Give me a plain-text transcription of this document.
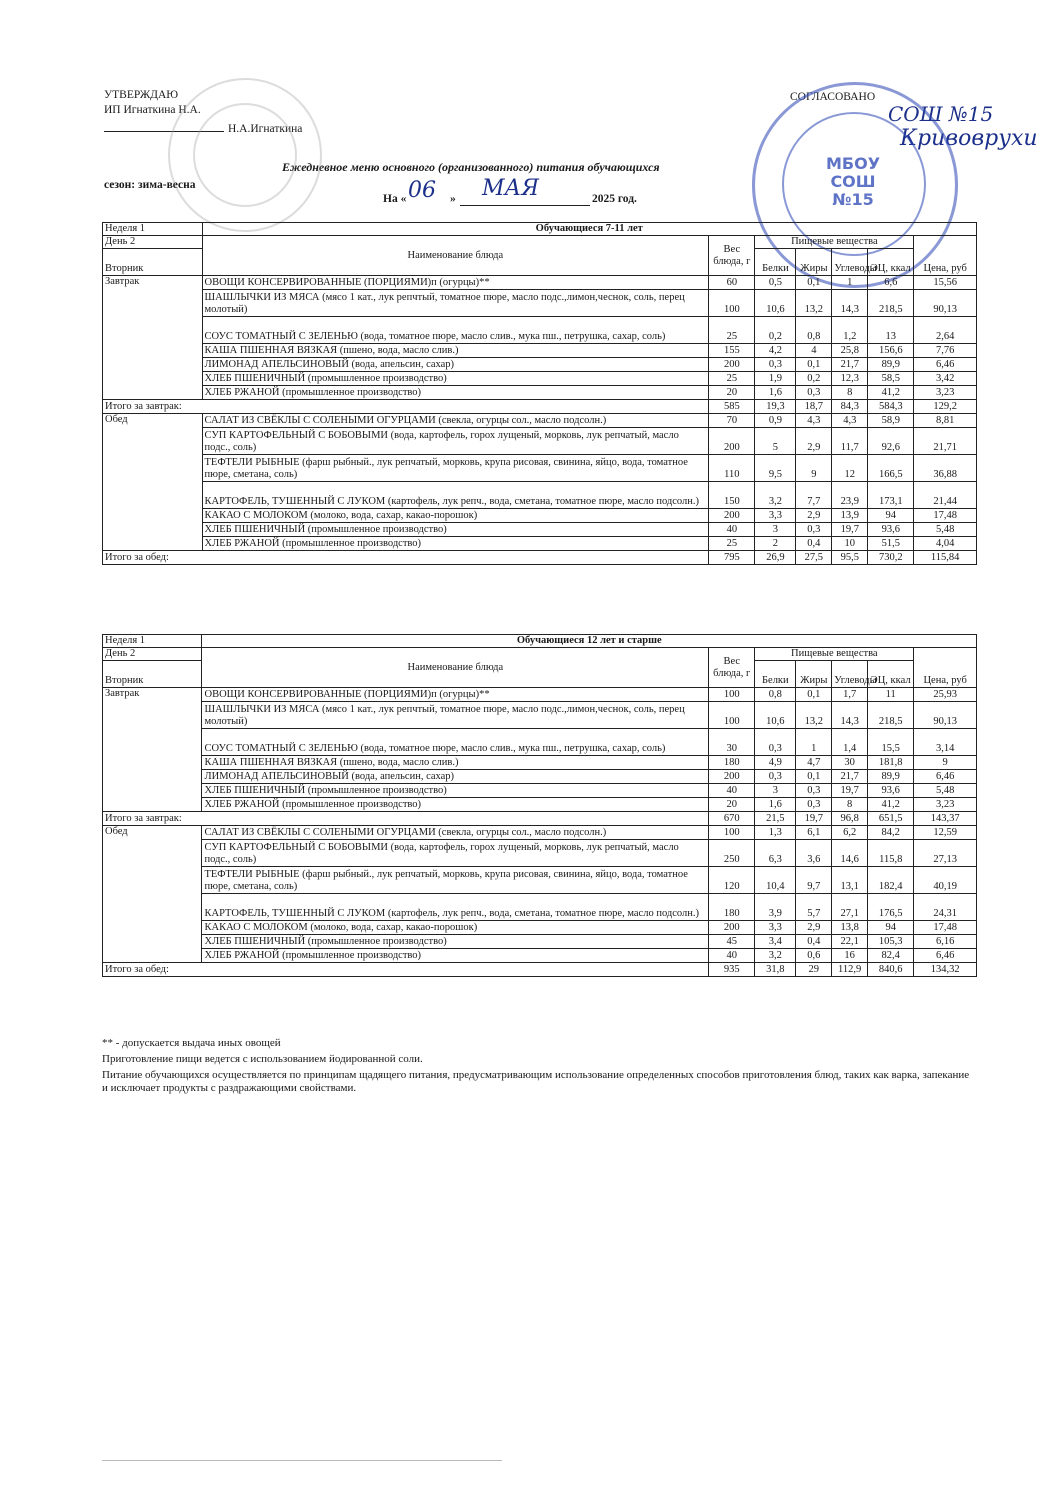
УТВЕРЖДАЮ
ИП Игнаткина Н.А.
Н.А.Игнаткина
СОГЛАСОВАНО
Ежедневное меню основного (организованного) питания обучающихся
сезон: зима-весна
На « 06 » МАЯ	2025 год.
СОШ №15
Кривоврухи
МБОУ СОШ №15
Неделя 1	Обучающиеся 7-11 лет						
День 2	Наименование блюда	Вес блюда, г	Пищевые вещества				Цена, руб
Вторник			Белки	Жиры	Углеводы	ЭЦ, ккал	
Завтрак	ОВОЩИ КОНСЕРВИРОВАННЫЕ (ПОРЦИЯМИ)п (огурцы)**	60	0,5	0,1	1	6,6	15,56
	ШАШЛЫЧКИ ИЗ МЯСА (мясо 1 кат., лук репчтый, томатное пюре, масло подс.,лимон,чеснок, соль, перец молотый)	100	10,6	13,2	14,3	218,5	90,13
	СОУС ТОМАТНЫЙ С ЗЕЛЕНЬЮ (вода, томатное пюре, масло слив., мука пш., петрушка, сахар, соль)	25	0,2	0,8	1,2	13	2,64
	КАША ПШЕННАЯ ВЯЗКАЯ (пшено, вода, масло слив.)	155	4,2	4	25,8	156,6	7,76
	ЛИМОНАД АПЕЛЬСИНОВЫЙ (вода, апельсин, сахар)	200	0,3	0,1	21,7	89,9	6,46
	ХЛЕБ ПШЕНИЧНЫЙ (промышленное производство)	25	1,9	0,2	12,3	58,5	3,42
	ХЛЕБ РЖАНОЙ (промышленное производство)	20	1,6	0,3	8	41,2	3,23
Итого за завтрак:		585	19,3	18,7	84,3	584,3	129,2
Обед	САЛАТ ИЗ СВЁКЛЫ С СОЛЕНЫМИ ОГУРЦАМИ (свекла, огурцы сол., масло подсолн.)	70	0,9	4,3	4,3	58,9	8,81
	СУП КАРТОФЕЛЬНЫЙ С БОБОВЫМИ (вода, картофель, горох лущеный, морковь, лук репчатый, масло подс., соль)	200	5	2,9	11,7	92,6	21,71
	ТЕФТЕЛИ РЫБНЫЕ (фарш рыбный., лук репчатый, морковь, крупа рисовая, свинина, яйцо, вода, томатное пюре, сметана, соль)	110	9,5	9	12	166,5	36,88
	КАРТОФЕЛЬ, ТУШЕННЫЙ С ЛУКОМ (картофель, лук репч., вода, сметана, томатное пюре, масло подсолн.)	150	3,2	7,7	23,9	173,1	21,44
	КАКАО С МОЛОКОМ (молоко, вода, сахар, какао-порошок)	200	3,3	2,9	13,9	94	17,48
	ХЛЕБ ПШЕНИЧНЫЙ (промышленное производство)	40	3	0,3	19,7	93,6	5,48
	ХЛЕБ РЖАНОЙ (промышленное производство)	25	2	0,4	10	51,5	4,04
Итого за обед:		795	26,9	27,5	95,5	730,2	115,84
Неделя 1	Обучающиеся 12 лет и старше						
День 2	Наименование блюда	Вес блюда, г	Пищевые вещества				Цена, руб
Вторник			Белки	Жиры	Углеводы	ЭЦ, ккал	
Завтрак	ОВОЩИ КОНСЕРВИРОВАННЫЕ (ПОРЦИЯМИ)п (огурцы)**	100	0,8	0,1	1,7	11	25,93
	ШАШЛЫЧКИ ИЗ МЯСА (мясо 1 кат., лук репчтый, томатное пюре, масло подс.,лимон,чеснок, соль, перец молотый)	100	10,6	13,2	14,3	218,5	90,13
	СОУС ТОМАТНЫЙ С ЗЕЛЕНЬЮ (вода, томатное пюре, масло слив., мука пш., петрушка, сахар, соль)	30	0,3	1	1,4	15,5	3,14
	КАША ПШЕННАЯ ВЯЗКАЯ (пшено, вода, масло слив.)	180	4,9	4,7	30	181,8	9
	ЛИМОНАД АПЕЛЬСИНОВЫЙ (вода, апельсин, сахар)	200	0,3	0,1	21,7	89,9	6,46
	ХЛЕБ ПШЕНИЧНЫЙ (промышленное производство)	40	3	0,3	19,7	93,6	5,48
	ХЛЕБ РЖАНОЙ (промышленное производство)	20	1,6	0,3	8	41,2	3,23
Итого за завтрак:		670	21,5	19,7	96,8	651,5	143,37
Обед	САЛАТ ИЗ СВЁКЛЫ С СОЛЕНЫМИ ОГУРЦАМИ (свекла, огурцы сол., масло подсолн.)	100	1,3	6,1	6,2	84,2	12,59
	СУП КАРТОФЕЛЬНЫЙ С БОБОВЫМИ (вода, картофель, горох лущеный, морковь, лук репчатый, масло подс., соль)	250	6,3	3,6	14,6	115,8	27,13
	ТЕФТЕЛИ РЫБНЫЕ (фарш рыбный., лук репчатый, морковь, крупа рисовая, свинина, яйцо, вода, томатное пюре, сметана, соль)	120	10,4	9,7	13,1	182,4	40,19
	КАРТОФЕЛЬ, ТУШЕННЫЙ С ЛУКОМ (картофель, лук репч., вода, сметана, томатное пюре, масло подсолн.)	180	3,9	5,7	27,1	176,5	24,31
	КАКАО С МОЛОКОМ (молоко, вода, сахар, какао-порошок)	200	3,3	2,9	13,8	94	17,48
	ХЛЕБ ПШЕНИЧНЫЙ (промышленное производство)	45	3,4	0,4	22,1	105,3	6,16
	ХЛЕБ РЖАНОЙ (промышленное производство)	40	3,2	0,6	16	82,4	6,46
Итого за обед:		935	31,8	29	112,9	840,6	134,32
** - допускается выдача иных овощей
Приготовление пищи ведется с использованием йодированной соли.
Питание обучающихся осуществляется по принципам щадящего питания, предусматривающим использование определенных способов приготовления блюд, таких как варка, запекание и исключает продукты с раздражающими свойствами.
